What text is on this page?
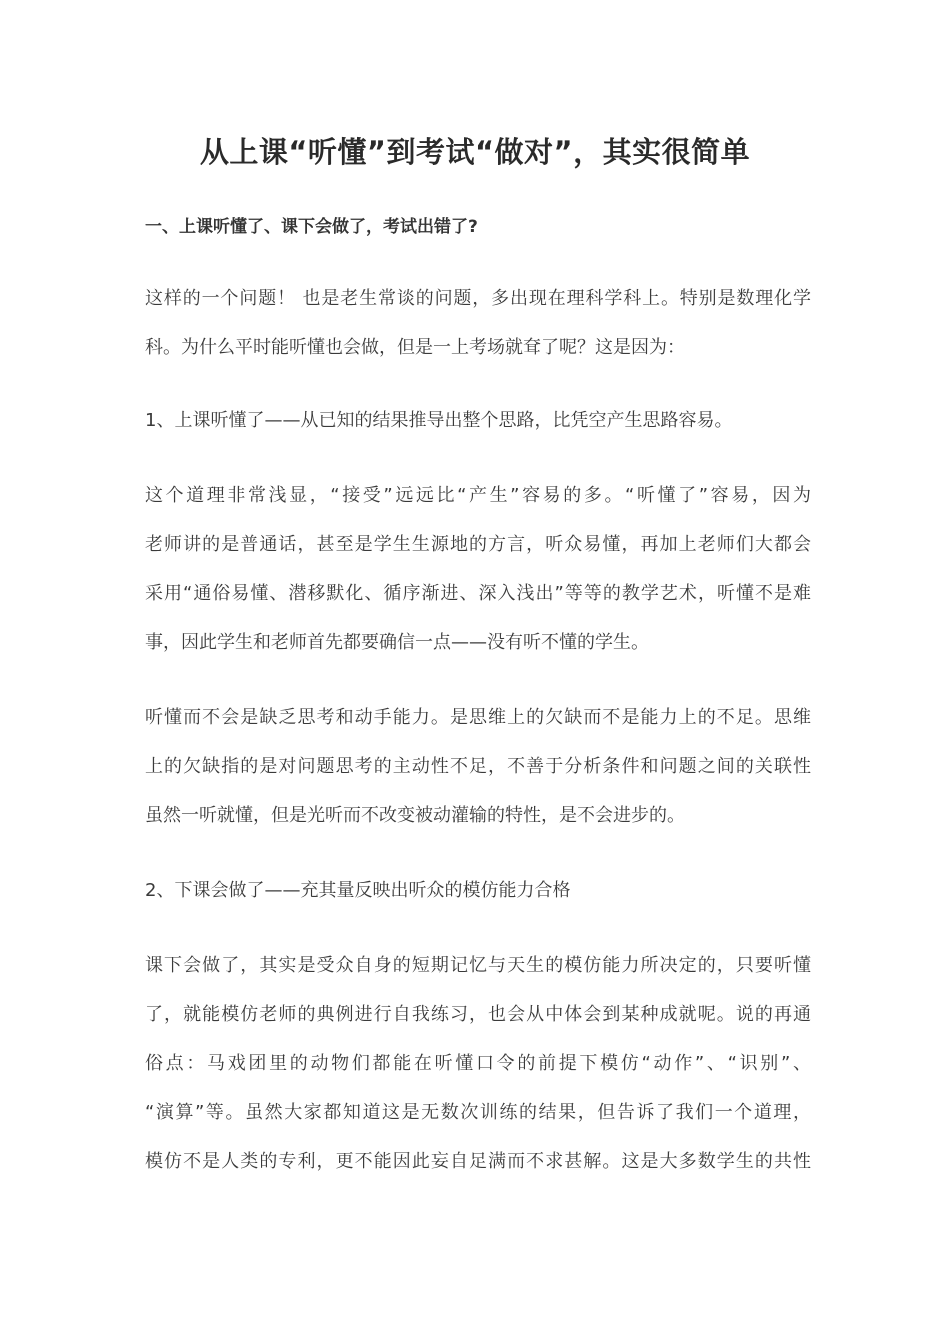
从上课“听懂”到考试“做对”，其实很简单
一、上课听懂了、课下会做了，考试出错了?
这样的一个问题！ 也是老生常谈的问题，多出现在理科学科上。特别是数理化学
科。为什么平时能听懂也会做，但是一上考场就耷了呢？这是因为：
1、上课听懂了——从已知的结果推导出整个思路，比凭空产生思路容易。
这个道理非常浅显，“接受”远远比“产生”容易的多。“听懂了”容易，因为
老师讲的是普通话，甚至是学生生源地的方言，听众易懂，再加上老师们大都会
采用“通俗易懂、潜移默化、循序渐进、深入浅出”等等的教学艺术，听懂不是难
事，因此学生和老师首先都要确信一点——没有听不懂的学生。
听懂而不会是缺乏思考和动手能力。是思维上的欠缺而不是能力上的不足。思维
上的欠缺指的是对问题思考的主动性不足，不善于分析条件和问题之间的关联性
虽然一听就懂，但是光听而不改变被动灌输的特性，是不会进步的。
2、下课会做了——充其量反映出听众的模仿能力合格
课下会做了，其实是受众自身的短期记忆与天生的模仿能力所决定的，只要听懂
了，就能模仿老师的典例进行自我练习，也会从中体会到某种成就呢。说的再通
俗点：马戏团里的动物们都能在听懂口令的前提下模仿“动作”、“识别”、
“演算”等。虽然大家都知道这是无数次训练的结果，但告诉了我们一个道理，
模仿不是人类的专利，更不能因此妄自足满而不求甚解。这是大多数学生的共性
